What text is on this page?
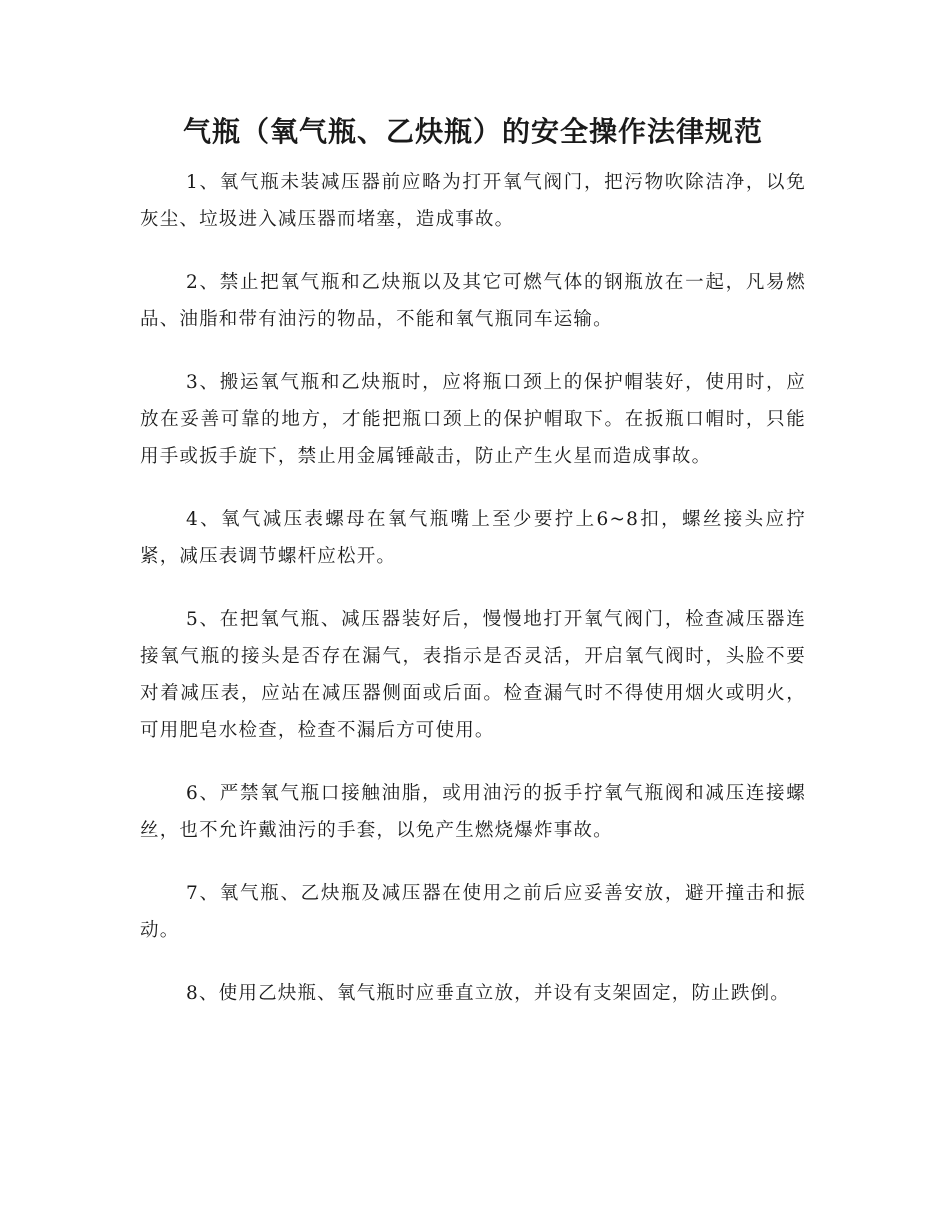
气瓶（氧气瓶、乙炔瓶）的安全操作法律规范

1、氧气瓶未装减压器前应略为打开氧气阀门，把污物吹除洁净，以免灰尘、垃圾进入减压器而堵塞，造成事故。

2、禁止把氧气瓶和乙炔瓶以及其它可燃气体的钢瓶放在一起，凡易燃品、油脂和带有油污的物品，不能和氧气瓶同车运输。

3、搬运氧气瓶和乙炔瓶时，应将瓶口颈上的保护帽装好，使用时，应放在妥善可靠的地方，才能把瓶口颈上的保护帽取下。在扳瓶口帽时，只能用手或扳手旋下，禁止用金属锤敲击，防止产生火星而造成事故。

4、氧气减压表螺母在氧气瓶嘴上至少要拧上6~8扣，螺丝接头应拧紧，减压表调节螺杆应松开。

5、在把氧气瓶、减压器装好后，慢慢地打开氧气阀门，检查减压器连接氧气瓶的接头是否存在漏气，表指示是否灵活，开启氧气阀时，头脸不要对着减压表，应站在减压器侧面或后面。检查漏气时不得使用烟火或明火，可用肥皂水检查，检查不漏后方可使用。

6、严禁氧气瓶口接触油脂，或用油污的扳手拧氧气瓶阀和减压连接螺丝，也不允许戴油污的手套，以免产生燃烧爆炸事故。

7、氧气瓶、乙炔瓶及减压器在使用之前后应妥善安放，避开撞击和振动。

8、使用乙炔瓶、氧气瓶时应垂直立放，并设有支架固定，防止跌倒。
